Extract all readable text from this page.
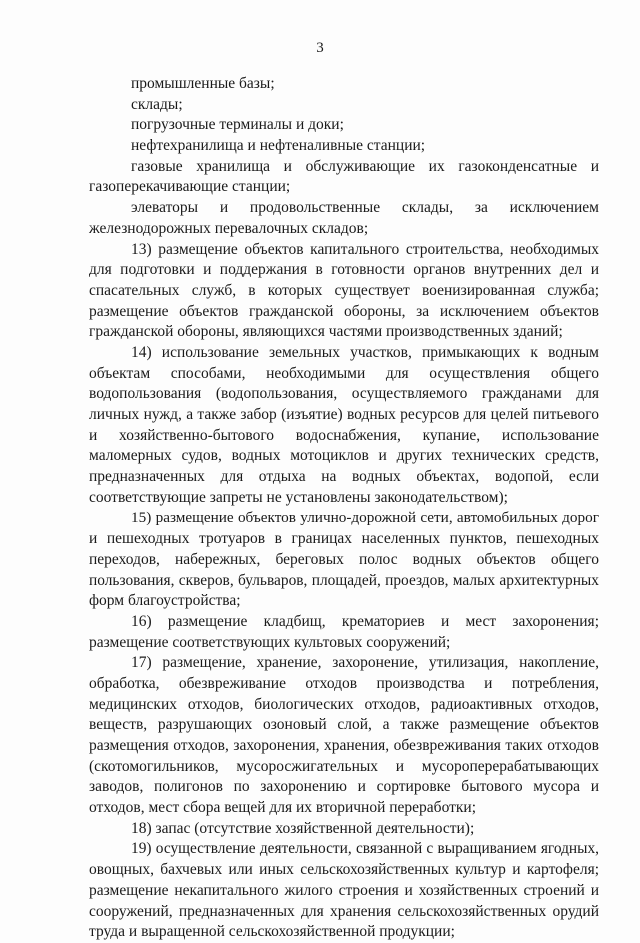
3
промышленные базы;
склады;
погрузочные терминалы и доки;
нефтехранилища и нефтеналивные станции;
газовые хранилища и обслуживающие их газоконденсатные и
газоперекачивающие станции;
элеваторы и продовольственные склады, за исключением
железнодорожных перевалочных складов;
13) размещение объектов капитального строительства, необходимых
для подготовки и поддержания в готовности органов внутренних дел и
спасательных служб, в которых существует военизированная служба;
размещение объектов гражданской обороны, за исключением объектов
гражданской обороны, являющихся частями производственных зданий;
14) использование земельных участков, примыкающих к водным
объектам способами, необходимыми для осуществления общего
водопользования (водопользования, осуществляемого гражданами для
личных нужд, а также забор (изъятие) водных ресурсов для целей питьевого
и хозяйственно-бытового водоснабжения, купание, использование
маломерных судов, водных мотоциклов и других технических средств,
предназначенных для отдыха на водных объектах, водопой, если
соответствующие запреты не установлены законодательством);
15) размещение объектов улично-дорожной сети, автомобильных дорог
и пешеходных тротуаров в границах населенных пунктов, пешеходных
переходов, набережных, береговых полос водных объектов общего
пользования, скверов, бульваров, площадей, проездов, малых архитектурных
форм благоустройства;
16) размещение кладбищ, крематориев и мест захоронения;
размещение соответствующих культовых сооружений;
17) размещение, хранение, захоронение, утилизация, накопление,
обработка, обезвреживание отходов производства и потребления,
медицинских отходов, биологических отходов, радиоактивных отходов,
веществ, разрушающих озоновый слой, а также размещение объектов
размещения отходов, захоронения, хранения, обезвреживания таких отходов
(скотомогильников, мусоросжигательных и мусороперерабатывающих
заводов, полигонов по захоронению и сортировке бытового мусора и
отходов, мест сбора вещей для их вторичной переработки;
18) запас (отсутствие хозяйственной деятельности);
19) осуществление деятельности, связанной с выращиванием ягодных,
овощных, бахчевых или иных сельскохозяйственных культур и картофеля;
размещение некапитального жилого строения и хозяйственных строений и
сооружений, предназначенных для хранения сельскохозяйственных орудий
труда и выращенной сельскохозяйственной продукции;
